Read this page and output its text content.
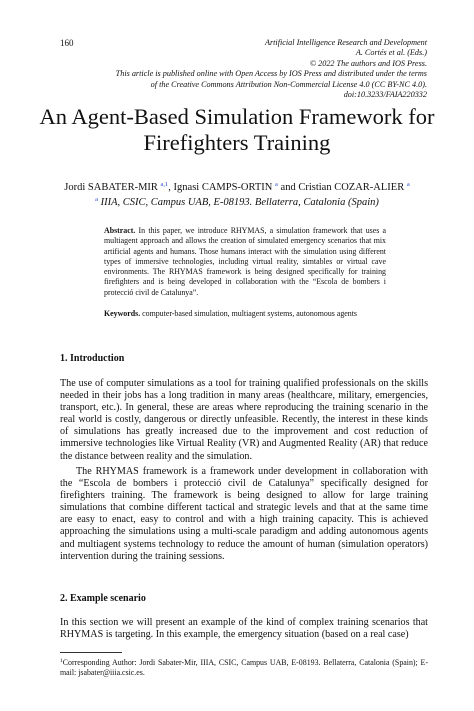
160	Artificial Intelligence Research and Development
A. Cortés et al. (Eds.)
© 2022 The authors and IOS Press.
This article is published online with Open Access by IOS Press and distributed under the terms
of the Creative Commons Attribution Non-Commercial License 4.0 (CC BY-NC 4.0).
doi:10.3233/FAIA220332
An Agent-Based Simulation Framework for
Firefighters Training
Jordi SABATER-MIR $^{a,1}$, Ignasi CAMPS-ORTIN $^a$ and Cristian COZAR-ALIER $^a$
$^a$ IIIA, CSIC, Campus UAB, E-08193. Bellaterra, Catalonia (Spain)

Abstract. In this paper, we introduce RHYMAS, a simulation framework that uses a multiagent approach and allows the creation of simulated emergency scenarios that mix artificial agents and humans. Those humans interact with the simulation using different types of immersive technologies, including virtual reality, simtables or virtual cave environments. The RHYMAS framework is being designed specifically for training firefighters and is being developed in collaboration with the “Escola de bombers i protecció civil de Catalunya”.

Keywords. computer-based simulation, multiagent systems, autonomous agents
1. Introduction

The use of computer simulations as a tool for training qualified professionals on the skills needed in their jobs has a long tradition in many areas (healthcare, military, emergencies, transport, etc.). In general, these are areas where reproducing the training scenario in the real world is costly, dangerous or directly unfeasible. Recently, the interest in these kinds of simulations has greatly increased due to the improvement and cost reduction of immersive technologies like Virtual Reality (VR) and Augmented Reality (AR) that reduce the distance between reality and the simulation.

The RHYMAS framework is a framework under development in collaboration with the “Escola de bombers i protecció civil de Catalunya” specifically designed for firefighters training. The framework is being designed to allow for large training simulations that combine different tactical and strategic levels and that at the same time are easy to enact, easy to control and with a high training capacity. This is achieved approaching the simulations using a multi-scale paradigm and adding autonomous agents and multiagent systems technology to reduce the amount of human (simulation operators) intervention during the training sessions.

2. Example scenario

In this section we will present an example of the kind of complex training scenarios that RHYMAS is targeting. In this example, the emergency situation (based on a real case)

$^1$Corresponding Author: Jordi Sabater-Mir, IIIA, CSIC, Campus UAB, E-08193. Bellaterra, Catalonia (Spain); E-mail: jsabater@iiia.csic.es.
